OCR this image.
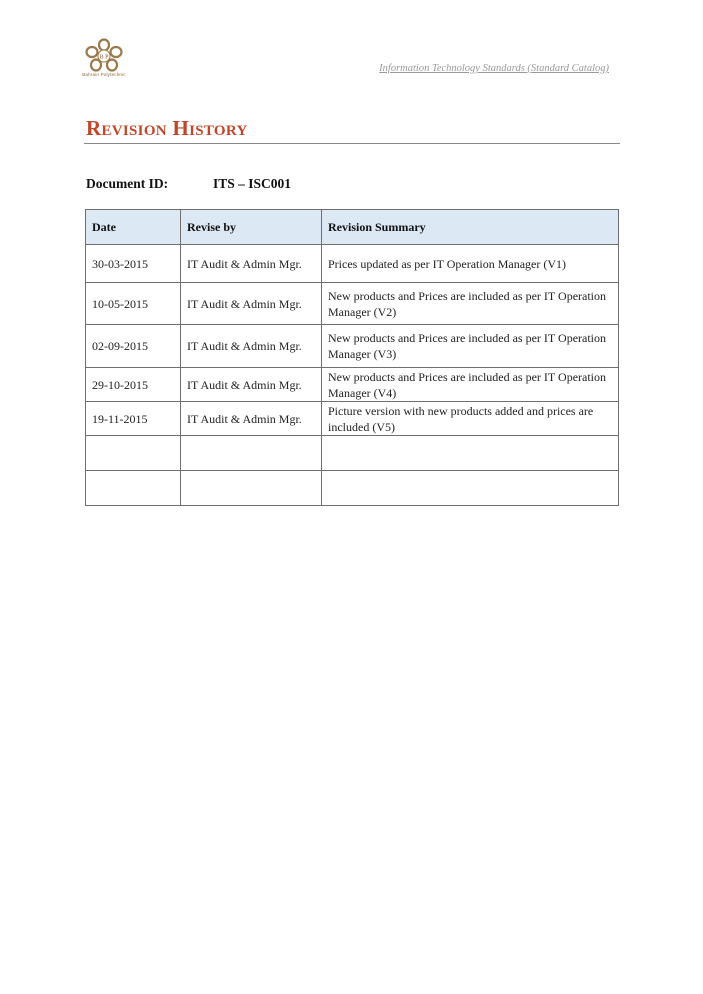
B P
Bahrain Polytechnic
Information Technology Standards (Standard Catalog)
Revision History
Document ID:	ITS – ISC001
Date	Revise by	Revision Summary
30-03-2015	IT Audit & Admin Mgr.	Prices updated as per IT Operation Manager (V1)
10-05-2015	IT Audit & Admin Mgr.	New products and Prices are included as per IT Operation Manager (V2)
02-09-2015	IT Audit & Admin Mgr.	New products and Prices are included as per IT Operation Manager (V3)
29-10-2015	IT Audit & Admin Mgr.	New products and Prices are included as per IT Operation Manager (V4)
19-11-2015	IT Audit & Admin Mgr.	Picture version with new products added and prices are included (V5)
